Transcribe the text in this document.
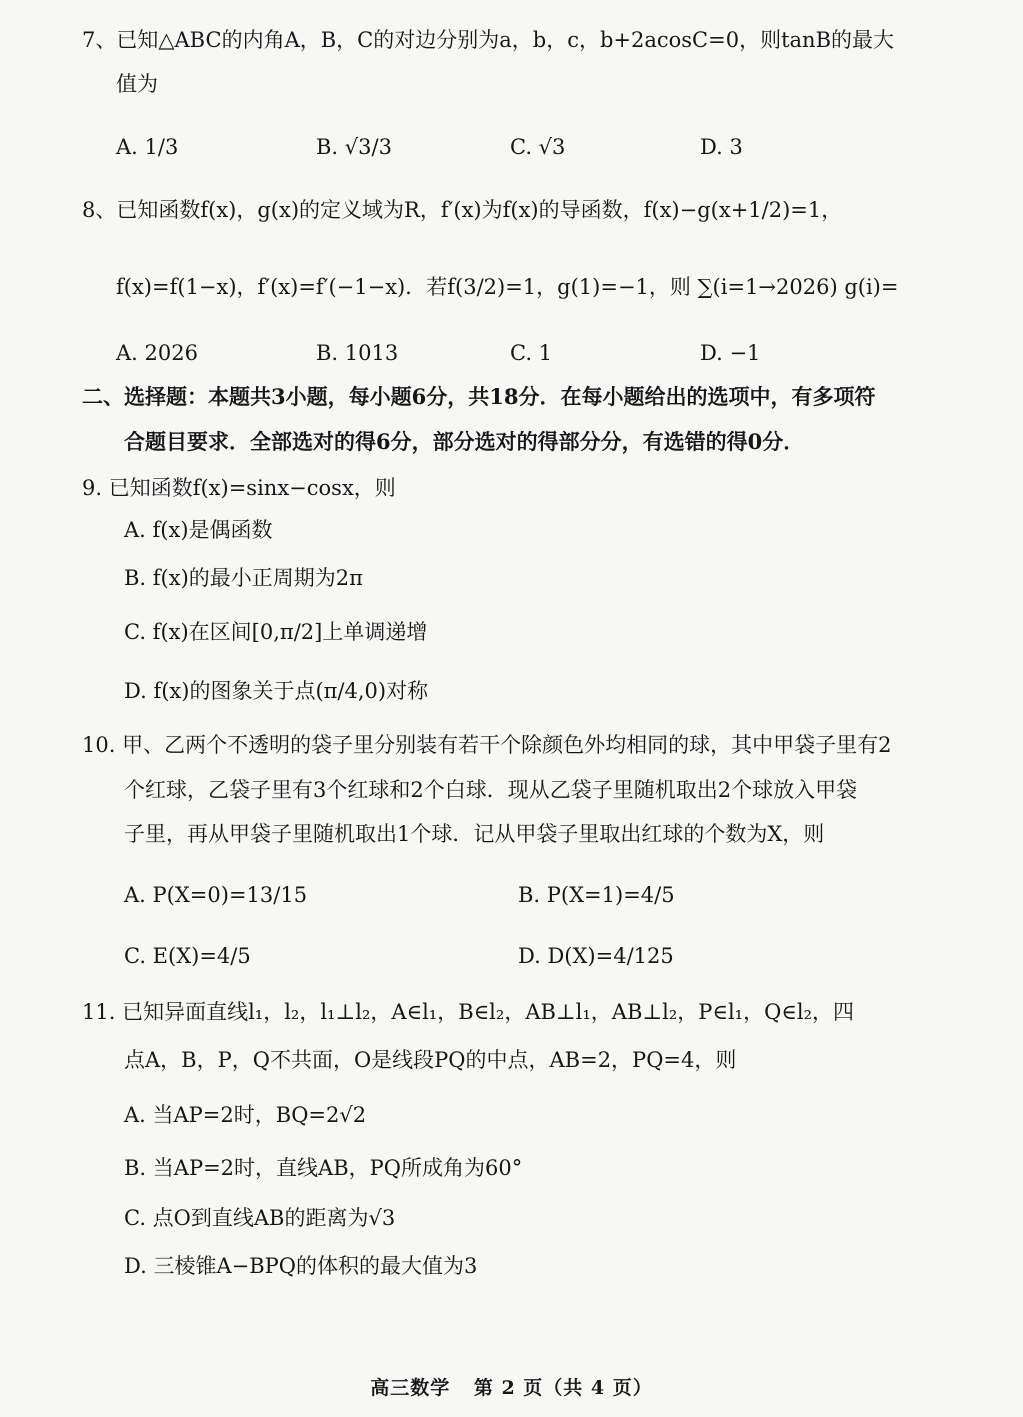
7、已知△ABC的内角A，B，C的对边分别为a，b，c，b+2acosC=0，则tanB的最大
值为
A. 1/3	B. √3/3	C. √3	D. 3
8、已知函数f(x)，g(x)的定义域为R，f′(x)为f(x)的导函数，f(x)−g(x+1/2)=1，
f(x)=f(1−x)，f′(x)=f′(−1−x)．若f(3/2)=1，g(1)=−1，则 ∑(i=1→2026) g(i)=
A. 2026	B. 1013	C. 1	D. −1
二、选择题：本题共3小题，每小题6分，共18分．在每小题给出的选项中，有多项符
合题目要求．全部选对的得6分，部分选对的得部分分，有选错的得0分．
9. 已知函数f(x)=sinx−cosx，则
A. f(x)是偶函数
B. f(x)的最小正周期为2π
C. f(x)在区间[0,π/2]上单调递增
D. f(x)的图象关于点(π/4,0)对称
10. 甲、乙两个不透明的袋子里分别装有若干个除颜色外均相同的球，其中甲袋子里有2
个红球，乙袋子里有3个红球和2个白球．现从乙袋子里随机取出2个球放入甲袋
子里，再从甲袋子里随机取出1个球．记从甲袋子里取出红球的个数为X，则
A. P(X=0)=13/15	B. P(X=1)=4/5
C. E(X)=4/5	D. D(X)=4/125
11. 已知异面直线l₁，l₂，l₁⊥l₂，A∈l₁，B∈l₂，AB⊥l₁，AB⊥l₂，P∈l₁，Q∈l₂，四
点A，B，P，Q不共面，O是线段PQ的中点，AB=2，PQ=4，则
A. 当AP=2时，BQ=2√2
B. 当AP=2时，直线AB，PQ所成角为60°
C. 点O到直线AB的距离为√3
D. 三棱锥A−BPQ的体积的最大值为3
高三数学 第 2 页（共 4 页）
